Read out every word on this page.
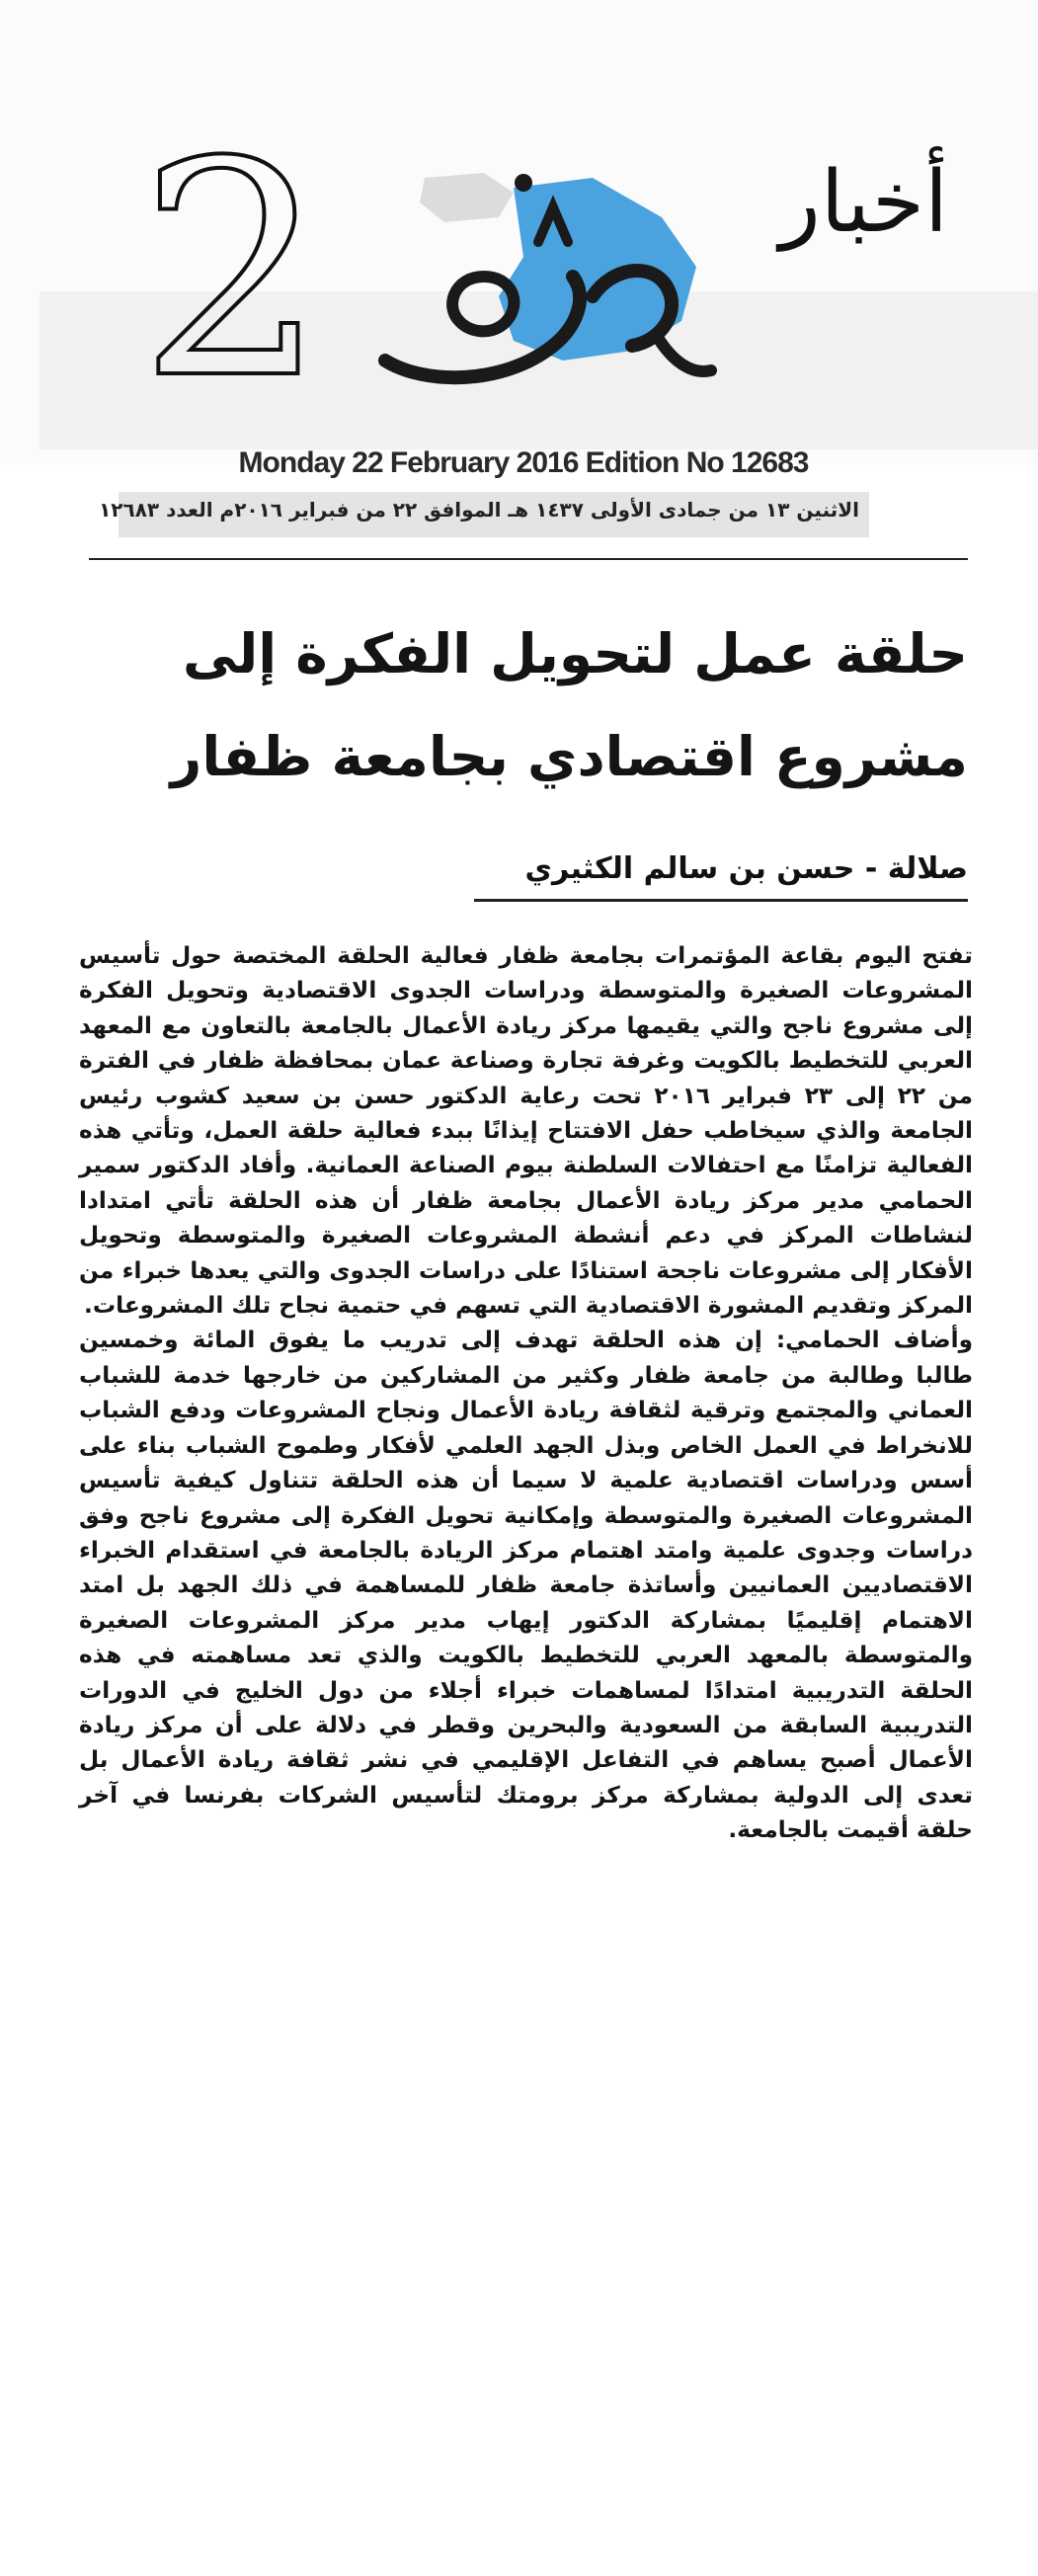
2	عُمان
أخبار
Monday 22 February 2016 Edition No 12683
الاثنين ١٣ من جمادى الأولى ١٤٣٧ هـ الموافق ٢٢ من فبراير ٢٠١٦م العدد ١٢٦٨٣
حلقة عمل لتحويل الفكرة إلى مشروع اقتصادي بجامعة ظفار
صلالة - حسن بن سالم الكثيري

تفتح اليوم بقاعة المؤتمرات بجامعة ظفار فعالية الحلقة المختصة حول تأسيس المشروعات الصغيرة والمتوسطة ودراسات الجدوى الاقتصادية وتحويل الفكرة إلى مشروع ناجح والتي يقيمها مركز ريادة الأعمال بالجامعة بالتعاون مع المعهد العربي للتخطيط بالكويت وغرفة تجارة وصناعة عمان بمحافظة ظفار في الفترة من ٢٢ إلى ٢٣ فبراير ٢٠١٦ تحت رعاية الدكتور حسن بن سعيد كشوب رئيس الجامعة والذي سيخاطب حفل الافتتاح إيذانًا ببدء فعالية حلقة العمل، وتأتي هذه الفعالية تزامنًا مع احتفالات السلطنة بيوم الصناعة العمانية. وأفاد الدكتور سمير الحمامي مدير مركز ريادة الأعمال بجامعة ظفار أن هذه الحلقة تأتي امتدادا لنشاطات المركز في دعم أنشطة المشروعات الصغيرة والمتوسطة وتحويل الأفكار إلى مشروعات ناجحة استنادًا على دراسات الجدوى والتي يعدها خبراء من المركز وتقديم المشورة الاقتصادية التي تسهم في حتمية نجاح تلك المشروعات.

وأضاف الحمامي: إن هذه الحلقة تهدف إلى تدريب ما يفوق المائة وخمسين طالبا وطالبة من جامعة ظفار وكثير من المشاركين من خارجها خدمة للشباب العماني والمجتمع وترقية لثقافة ريادة الأعمال ونجاح المشروعات ودفع الشباب للانخراط في العمل الخاص وبذل الجهد العلمي لأفكار وطموح الشباب بناء على أسس ودراسات اقتصادية علمية لا سيما أن هذه الحلقة تتناول كيفية تأسيس المشروعات الصغيرة والمتوسطة وإمكانية تحويل الفكرة إلى مشروع ناجح وفق دراسات وجدوى علمية وامتد اهتمام مركز الريادة بالجامعة في استقدام الخبراء الاقتصاديين العمانيين وأساتذة جامعة ظفار للمساهمة في ذلك الجهد بل امتد الاهتمام إقليميًا بمشاركة الدكتور إيهاب مدير مركز المشروعات الصغيرة والمتوسطة بالمعهد العربي للتخطيط بالكويت والذي تعد مساهمته في هذه الحلقة التدريبية امتدادًا لمساهمات خبراء أجلاء من دول الخليج في الدورات التدريبية السابقة من السعودية والبحرين وقطر في دلالة على أن مركز ريادة الأعمال أصبح يساهم في التفاعل الإقليمي في نشر ثقافة ريادة الأعمال بل تعدى إلى الدولية بمشاركة مركز برومتك لتأسيس الشركات بفرنسا في آخر حلقة أقيمت بالجامعة.
